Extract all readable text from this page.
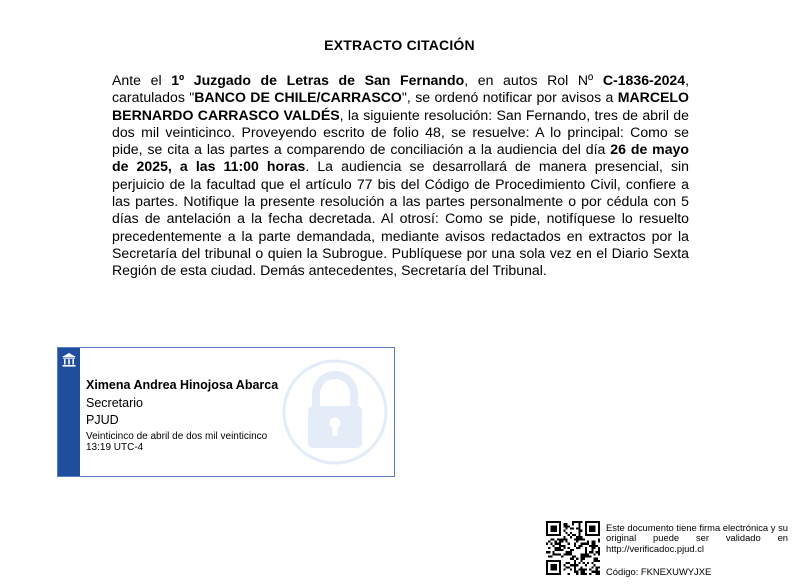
EXTRACTO CITACIÓN
Ante el 1º Juzgado de Letras de San Fernando, en autos Rol Nº C-1836-2024, caratulados "BANCO DE CHILE/CARRASCO", se ordenó notificar por avisos a MARCELO BERNARDO CARRASCO VALDÉS, la siguiente resolución: San Fernando, tres de abril de dos mil veinticinco. Proveyendo escrito de folio 48, se resuelve: A lo principal: Como se pide, se cita a las partes a comparendo de conciliación a la audiencia del día 26 de mayo de 2025, a las 11:00 horas. La audiencia se desarrollará de manera presencial, sin perjuicio de la facultad que el artículo 77 bis del Código de Procedimiento Civil, confiere a las partes. Notifique la presente resolución a las partes personalmente o por cédula con 5 días de antelación a la fecha decretada. Al otrosí: Como se pide, notifíquese lo resuelto precedentemente a la parte demandada, mediante avisos redactados en extractos por la Secretaría del tribunal o quien la Subrogue. Publíquese por una sola vez en el Diario Sexta Región de esta ciudad. Demás antecedentes, Secretaría del Tribunal.
Ximena Andrea Hinojosa Abarca
Secretario
PJUD
Veinticinco de abril de dos mil veinticinco
13:19 UTC-4
Este documento tiene firma electrónica y su original puede ser validado en http://verificadoc.pjud.cl
Código: FKNEXUWYJXE
